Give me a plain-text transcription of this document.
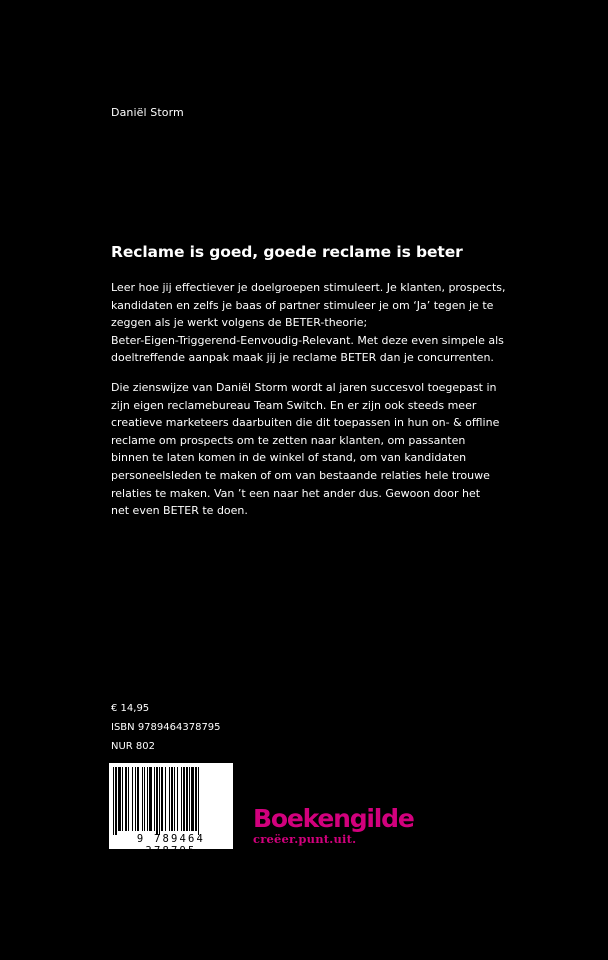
Daniël Storm
Reclame is goed, goede reclame is beter
Leer hoe jij effectiever je doelgroepen stimuleert. Je klanten, prospects,
kandidaten en zelfs je baas of partner stimuleer je om ‘Ja’ tegen je te
zeggen als je werkt volgens de BETER-theorie;
Beter-Eigen-Triggerend-Eenvoudig-Relevant. Met deze even simpele als
doeltreffende aanpak maak jij je reclame BETER dan je concurrenten.
Die zienswijze van Daniël Storm wordt al jaren succesvol toegepast in
zijn eigen reclamebureau Team Switch. En er zijn ook steeds meer
creatieve marketeers daarbuiten die dit toepassen in hun on- & offline
reclame om prospects om te zetten naar klanten, om passanten
binnen te laten komen in de winkel of stand, om van kandidaten
personeelsleden te maken of om van bestaande relaties hele trouwe
relaties te maken. Van ’t een naar het ander dus. Gewoon door het
net even BETER te doen.
€ 14,95
ISBN 9789464378795
NUR 802
9 789464 378795
Boekengilde
creëer.punt.uit.
